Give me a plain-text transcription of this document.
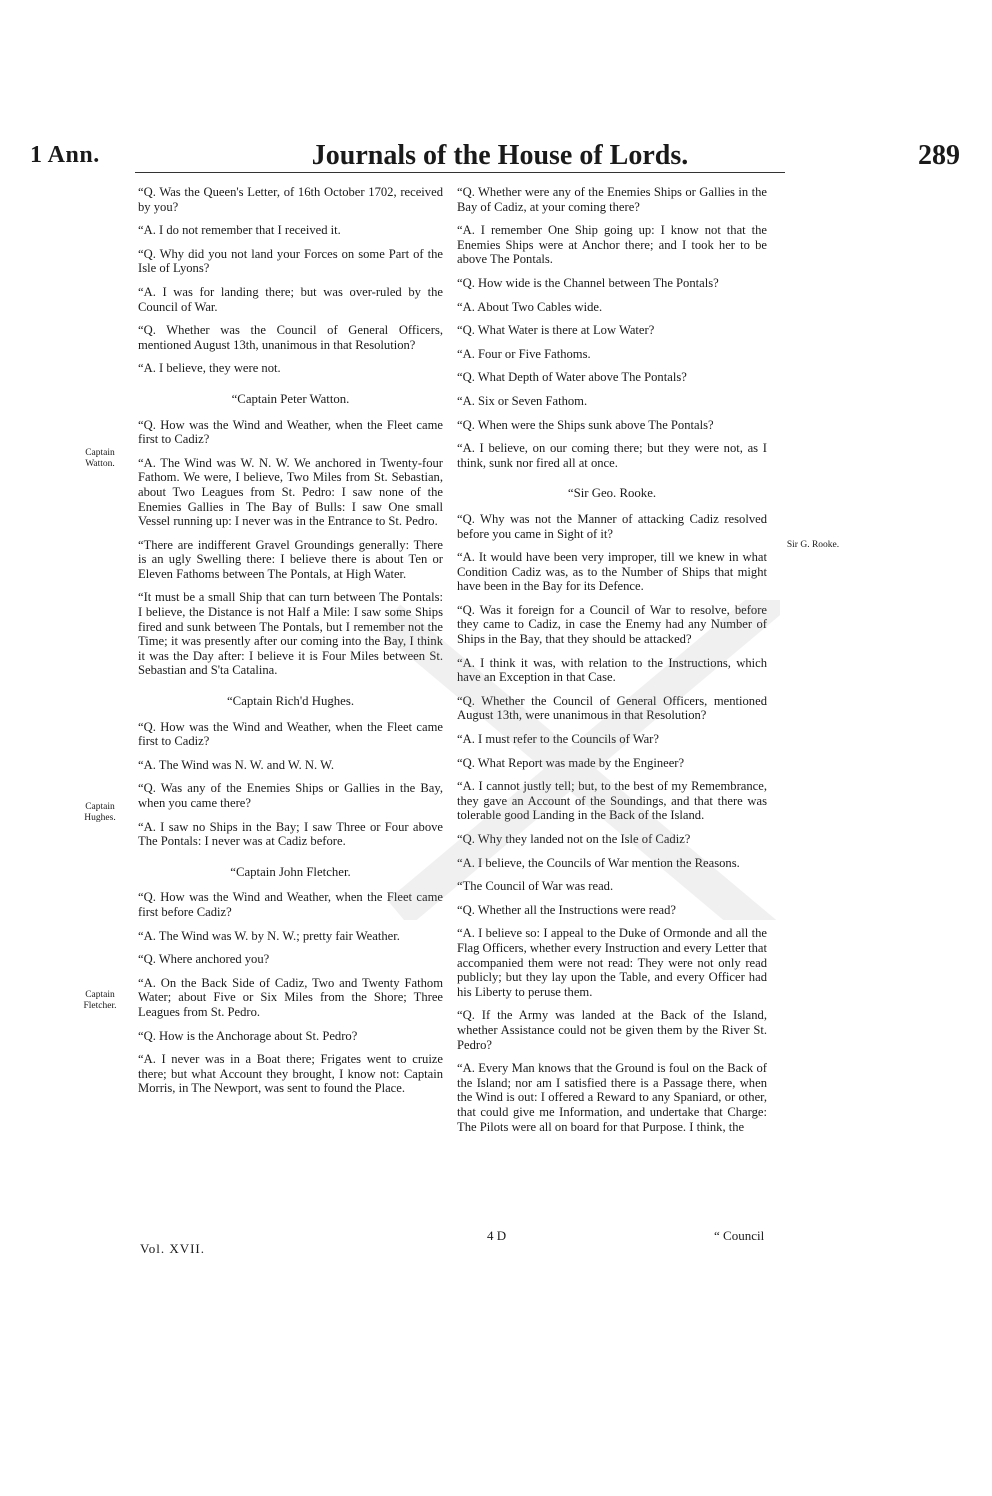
1 Ann.	Journals of the House of Lords.	289
“ Q. Was the Queen's Letter, of 16th October 1702, received by you?
“ A. I do not remember that I received it.
“ Q. Why did you not land your Forces on some Part of the Isle of Lyons?
“ A. I was for landing there; but was over-ruled by the Council of War.
“ Q. Whether was the Council of General Officers, mentioned August 13th, unanimous in that Resolution?
“ A. I believe, they were not.
“ Captain Peter Watton.
“ Q. How was the Wind and Weather, when the Fleet came first to Cadiz?
“ A. The Wind was W. N. W. We anchored in Twenty-four Fathom. We were, I believe, Two Miles from St. Sebastian, about Two Leagues from St. Pedro: I saw none of the Enemies Gallies in The Bay of Bulls: I saw One small Vessel running up: I never was in the Entrance to St. Pedro.
“ There are indifferent Gravel Groundings generally: There is an ugly Swelling there: I believe there is about Ten or Eleven Fathoms between The Pontals, at High Water.
“ It must be a small Ship that can turn between The Pontals: I believe, the Distance is not Half a Mile: I saw some Ships fired and sunk between The Pontals, but I remember not the Time; it was presently after our coming into the Bay, I think it was the Day after: I believe it is Four Miles between St. Sebastian and S'ta Catalina.
“ Captain Rich'd Hughes.
“ Q. How was the Wind and Weather, when the Fleet came first to Cadiz?
“ A. The Wind was N. W. and W. N. W.
“ Q. Was any of the Enemies Ships or Gallies in the Bay, when you came there?
“ A. I saw no Ships in the Bay; I saw Three or Four above The Pontals: I never was at Cadiz before.
“ Captain John Fletcher.
“ Q. How was the Wind and Weather, when the Fleet came first before Cadiz?
“ A. The Wind was W. by N. W.; pretty fair Weather.
“ Q. Where anchored you?
“ A. On the Back Side of Cadiz, Two and Twenty Fathom Water; about Five or Six Miles from the Shore; Three Leagues from St. Pedro.
“ Q. How is the Anchorage about St. Pedro?
“ A. I never was in a Boat there; Frigates went to cruize there; but what Account they brought, I know not: Captain Morris, in The Newport, was sent to found the Place.
“ Q. Whether were any of the Enemies Ships or Gallies in the Bay of Cadiz, at your coming there?
“ A. I remember One Ship going up: I know not that the Enemies Ships were at Anchor there; and I took her to be above The Pontals.
“ Q. How wide is the Channel between The Pontals?
“ A. About Two Cables wide.
“ Q. What Water is there at Low Water?
“ A. Four or Five Fathoms.
“ Q. What Depth of Water above The Pontals?
“ A. Six or Seven Fathom.
“ Q. When were the Ships sunk above The Pontals?
“ A. I believe, on our coming there; but they were not, as I think, sunk nor fired all at once.
“ Sir Geo. Rooke.
“ Q. Why was not the Manner of attacking Cadiz resolved before you came in Sight of it?
“ A. It would have been very improper, till we knew in what Condition Cadiz was, as to the Number of Ships that might have been in the Bay for its Defence.
“ Q. Was it foreign for a Council of War to resolve, before they came to Cadiz, in case the Enemy had any Number of Ships in the Bay, that they should be attacked?
“ A. I think it was, with relation to the Instructions, which have an Exception in that Case.
“ Q. Whether the Council of General Officers, mentioned August 13th, were unanimous in that Resolution?
“ A. I must refer to the Councils of War?
“ Q. What Report was made by the Engineer?
“ A. I cannot justly tell; but, to the best of my Remembrance, they gave an Account of the Soundings, and that there was tolerable good Landing in the Back of the Island.
“ Q. Why they landed not on the Isle of Cadiz?
“ A. I believe, the Councils of War mention the Reasons.
“ The Council of War was read.
“ Q. Whether all the Instructions were read?
“ A. I believe so: I appeal to the Duke of Ormonde and all the Flag Officers, whether every Instruction and every Letter that accompanied them were not read: They were not only read publicly; but they lay upon the Table, and every Officer had his Liberty to peruse them.
“ Q. If the Army was landed at the Back of the Island, whether Assistance could not be given them by the River St. Pedro?
“ A. Every Man knows that the Ground is foul on the Back of the Island; nor am I satisfied there is a Passage there, when the Wind is out: I offered a Reward to any Spaniard, or other, that could give me Information, and undertake that Charge: The Pilots were all on board for that Purpose. I think, the
Captain Watton.
Captain Hughes.
Captain Fletcher.
Sir G. Rooke.
Vol. XVII.
4 D	“ Council
